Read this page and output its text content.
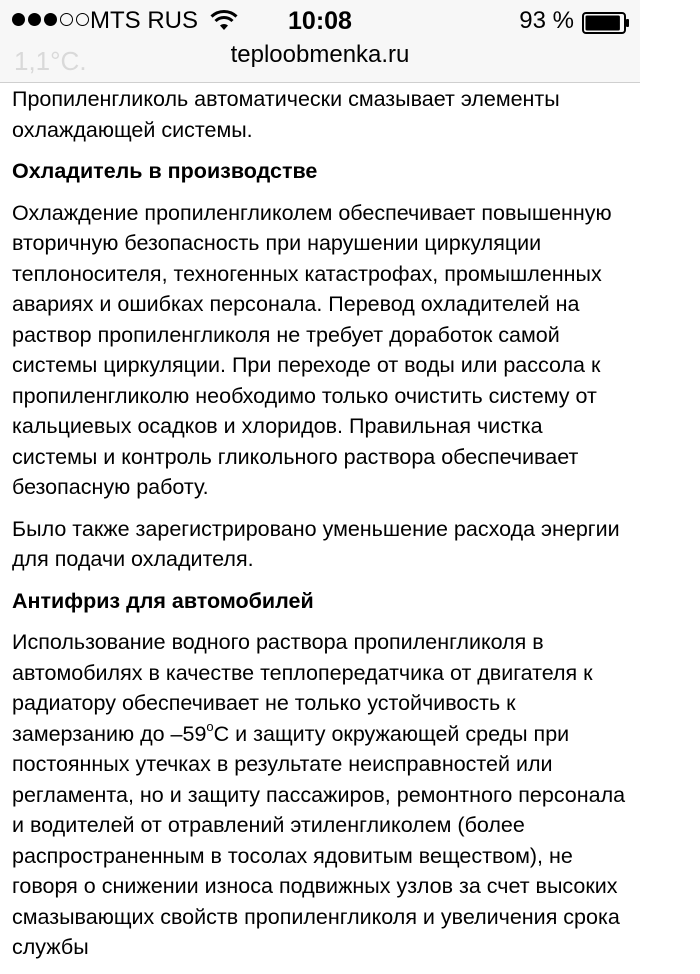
1,1°С.
MTS RUS	10:08	93 %
teploobmenka.ru

Пропиленгликоль автоматически смазывает элементы охлаждающей системы.

Охладитель в производстве

Охлаждение пропиленгликолем обеспечивает повышенную вторичную безопасность при нарушении циркуляции теплоносителя, техногенных катастрофах, промышленных авариях и ошибках персонала. Перевод охладителей на раствор пропиленгликоля не требует доработок самой системы циркуляции. При переходе от воды или рассола к пропиленгликолю необходимо только очистить систему от кальциевых осадков и хлоридов. Правильная чистка системы и контроль гликольного раствора обеспечивает безопасную работу.

Было также зарегистрировано уменьшение расхода энергии для подачи охладителя.

Антифриз для автомобилей

Использование водного раствора пропиленгликоля в автомобилях в качестве теплопередатчика от двигателя к радиатору обеспечивает не только устойчивость к замерзанию до $-59^оС$ и защиту окружающей среды при постоянных утечках в результате неисправностей или регламента, но и защиту пассажиров, ремонтного персонала и водителей от отравлений этиленгликолем (более распространенным в тосолах ядовитым веществом), не говоря о снижении износа подвижных узлов за счет высоких смазывающих свойств пропиленгликоля и увеличения срока службы
